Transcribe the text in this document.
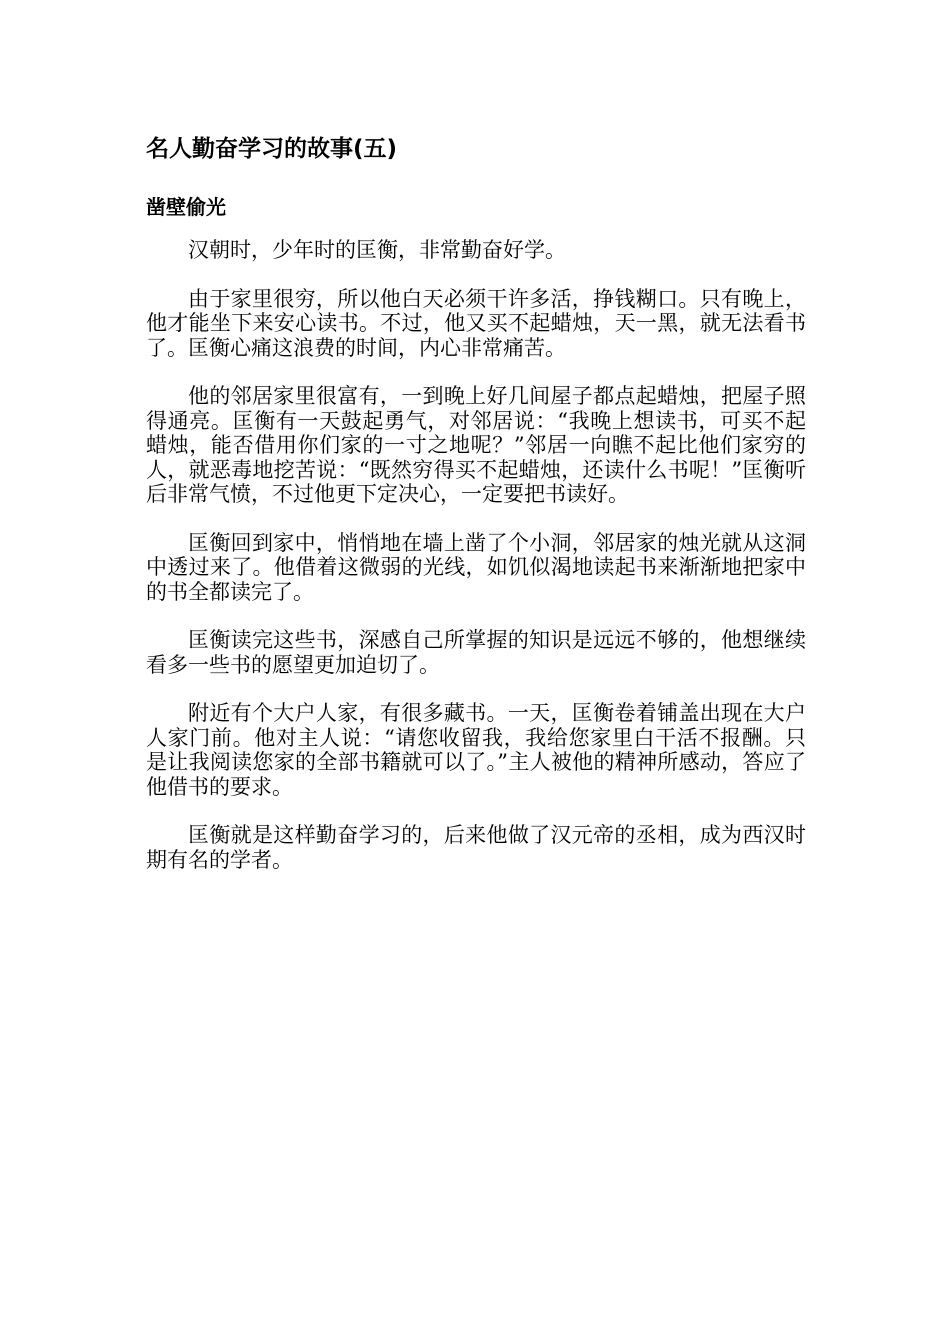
名人勤奋学习的故事(五)
凿壁偷光

汉朝时，少年时的匡衡，非常勤奋好学。

由于家里很穷，所以他白天必须干许多活，挣钱糊口。只有晚上，他才能坐下来安心读书。不过，他又买不起蜡烛，天一黑，就无法看书了。匡衡心痛这浪费的时间，内心非常痛苦。

他的邻居家里很富有，一到晚上好几间屋子都点起蜡烛，把屋子照得通亮。匡衡有一天鼓起勇气，对邻居说：“我晚上想读书，可买不起蜡烛，能否借用你们家的一寸之地呢？”邻居一向瞧不起比他们家穷的人，就恶毒地挖苦说：“既然穷得买不起蜡烛，还读什么书呢！”匡衡听后非常气愤，不过他更下定决心，一定要把书读好。

匡衡回到家中，悄悄地在墙上凿了个小洞，邻居家的烛光就从这洞中透过来了。他借着这微弱的光线，如饥似渴地读起书来渐渐地把家中的书全都读完了。

匡衡读完这些书，深感自己所掌握的知识是远远不够的，他想继续看多一些书的愿望更加迫切了。

附近有个大户人家，有很多藏书。一天，匡衡卷着铺盖出现在大户人家门前。他对主人说：“请您收留我，我给您家里白干活不报酬。只是让我阅读您家的全部书籍就可以了。”主人被他的精神所感动，答应了他借书的要求。

匡衡就是这样勤奋学习的，后来他做了汉元帝的丞相，成为西汉时期有名的学者。
